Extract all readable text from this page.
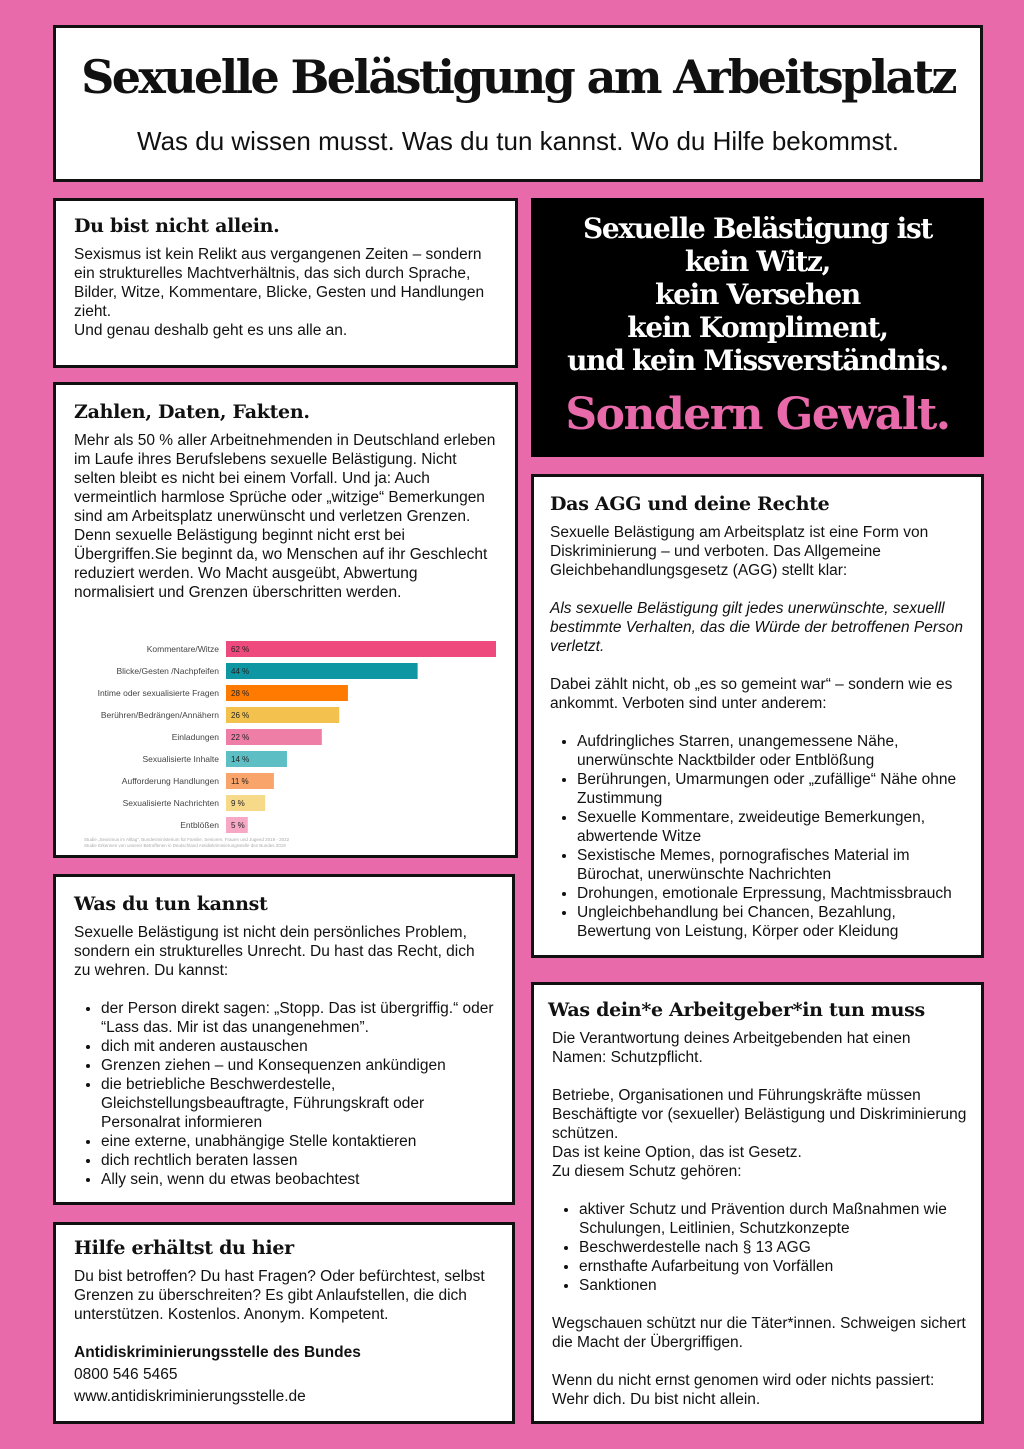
Sexuelle Belästigung am Arbeitsplatz
Was du wissen musst. Was du tun kannst. Wo du Hilfe bekommst.
Du bist nicht allein.

Sexismus ist kein Relikt aus vergangenen Zeiten – sondern ein strukturelles Machtverhältnis, das sich durch Sprache, Bilder, Witze, Kommentare, Blicke, Gesten und Handlungen zieht.

Und genau deshalb geht es uns alle an.

Zahlen, Daten, Fakten.

Mehr als 50 % aller Arbeitnehmenden in Deutschland erleben im Laufe ihres Berufslebens sexuelle Belästigung. Nicht selten bleibt es nicht bei einem Vorfall. Und ja: Auch vermeintlich harmlose Sprüche oder „witzige“ Bemerkungen sind am Arbeitsplatz unerwünscht und verletzen Grenzen. Denn sexuelle Belästigung beginnt nicht erst bei Übergriffen.Sie beginnt da, wo Menschen auf ihr Geschlecht reduziert werden. Wo Macht ausgeübt, Abwertung normalisiert und Grenzen überschritten werden.

Kommentare/Witze 62 %
Blicke/Gesten /Nachpfeifen 44 %
Intime oder sexualisierte Fragen 28 %
Berühren/Bedrängen/Annähern 26 %
Einladungen 22 %
Sexualisierte Inhalte 14 %
Aufforderung Handlungen 11 %
Sexualisierte Nachrichten 9 %
Entblößen 5 %
Studie „Sexismus im Alltag“, Bundesministerium für Familie, Senioren, Frauen und Jugend 2019 - 2022
Studie Erkennen von unserer Betroffenen in Deutschland Antidiskriminierungsstelle des Bundes 2019
Was du tun kannst

Sexuelle Belästigung ist nicht dein persönliches Problem, sondern ein strukturelles Unrecht. Du hast das Recht, dich zu wehren. Du kannst:

• der Person direkt sagen: „Stopp. Das ist übergriffig.“ oder “Lass das. Mir ist das unangenehmen”.
• dich mit anderen austauschen
• Grenzen ziehen – und Konsequenzen ankündigen
• die betriebliche Beschwerdestelle, Gleichstellungsbeauftragte, Führungskraft oder Personalrat informieren
• eine externe, unabhängige Stelle kontaktieren
• dich rechtlich beraten lassen
• Ally sein, wenn du etwas beobachtest
Hilfe erhältst du hier

Du bist betroffen? Du hast Fragen? Oder befürchtest, selbst Grenzen zu überschreiten? Es gibt Anlaufstellen, die dich unterstützen. Kostenlos. Anonym. Kompetent.

Antidiskriminierungsstelle des Bundes

0800 546 5465

www.antidiskriminierungsstelle.de

Sexuelle Belästigung ist
kein Witz,
kein Versehen
kein Kompliment,
und kein Missverständnis.
Sondern Gewalt.
Das AGG und deine Rechte

Sexuelle Belästigung am Arbeitsplatz ist eine Form von Diskriminierung – und verboten. Das Allgemeine Gleichbehandlungsgesetz (AGG) stellt klar:

Als sexuelle Belästigung gilt jedes unerwünschte, sexuelll bestimmte Verhalten, das die Würde der betroffenen Person verletzt.

Dabei zählt nicht, ob „es so gemeint war“ – sondern wie es ankommt. Verboten sind unter anderem:

• Aufdringliches Starren, unangemessene Nähe, unerwünschte Nacktbilder oder Entblößung
• Berührungen, Umarmungen oder „zufällige“ Nähe ohne Zustimmung
• Sexuelle Kommentare, zweideutige Bemerkungen, abwertende Witze
• Sexistische Memes, pornografisches Material im Bürochat, unerwünschte Nachrichten
• Drohungen, emotionale Erpressung, Machtmissbrauch
• Ungleichbehandlung bei Chancen, Bezahlung, Bewertung von Leistung, Körper oder Kleidung
Was dein*e Arbeitgeber*in tun muss

Die Verantwortung deines Arbeitgebenden hat einen Namen: Schutzpflicht.

Betriebe, Organisationen und Führungskräfte müssen Beschäftigte vor (sexueller) Belästigung und Diskriminierung schützen.

Das ist keine Option, das ist Gesetz.

Zu diesem Schutz gehören:

• aktiver Schutz und Prävention durch Maßnahmen wie Schulungen, Leitlinien, Schutzkonzepte
• Beschwerdestelle nach § 13 AGG
• ernsthafte Aufarbeitung von Vorfällen
• Sanktionen

Wegschauen schützt nur die Täter*innen. Schweigen sichert die Macht der Übergriffigen.

Wenn du nicht ernst genomen wird oder nichts passiert:

Wehr dich. Du bist nicht allein.
